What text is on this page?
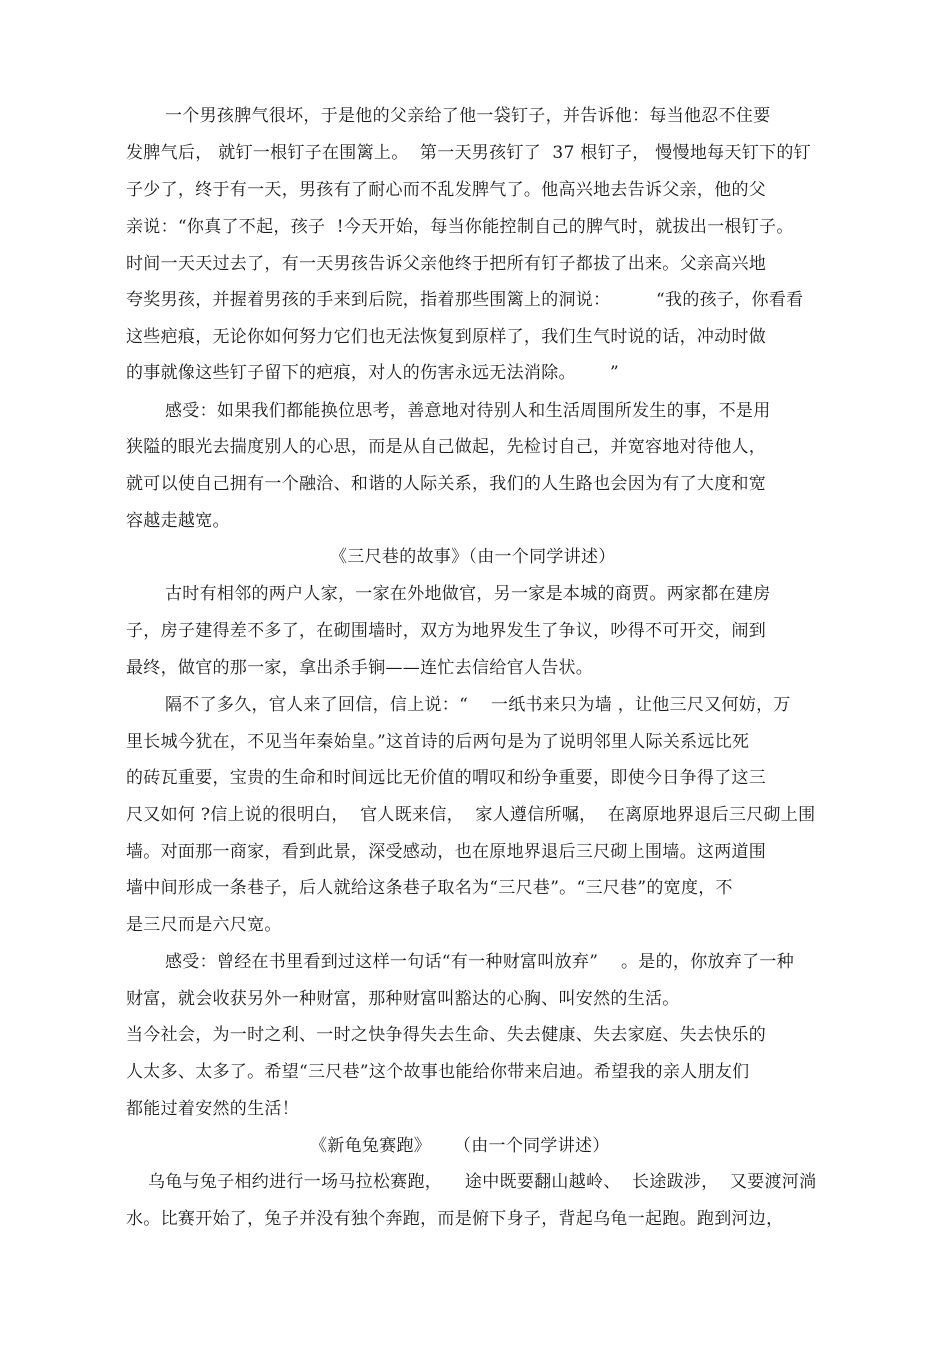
一个男孩脾气很坏，于是他的父亲给了他一袋钉子，并告诉他：每当他忍不住要
发脾气后， 就钉一根钉子在围篱上。  第一天男孩钉了  37 根钉子， 慢慢地每天钉下的钉
子少了，终于有一天，男孩有了耐心而不乱发脾气了。他高兴地去告诉父亲，他的父
亲说：“你真了不起，孩子  !今天开始，每当你能控制自己的脾气时，就拔出一根钉子。
时间一天天过去了，有一天男孩告诉父亲他终于把所有钉子都拔了出来。父亲高兴地
夸奖男孩，并握着男孩的手来到后院，指着那些围篱上的洞说：        “我的孩子，你看看
这些疤痕，无论你如何努力它们也无法恢复到原样了，我们生气时说的话，冲动时做
的事就像这些钉子留下的疤痕，对人的伤害永远无法消除。      ”
感受：如果我们都能换位思考，善意地对待别人和生活周围所发生的事，不是用
狭隘的眼光去揣度别人的心思，而是从自己做起，先检讨自己，并宽容地对待他人，
就可以使自己拥有一个融洽、和谐的人际关系，我们的人生路也会因为有了大度和宽
容越走越宽。
《三尺巷的故事》（由一个同学讲述）
古时有相邻的两户人家，一家在外地做官，另一家是本城的商贾。两家都在建房
子，房子建得差不多了，在砌围墙时，双方为地界发生了争议，吵得不可开交，闹到
最终，做官的那一家，拿出杀手锏——连忙去信给官人告状。
隔不了多久，官人来了回信，信上说：“    一纸书来只为墙 ，让他三尺又何妨，万
里长城今犹在，不见当年秦始皇。”这首诗的后两句是为了说明邻里人际关系远比死
的砖瓦重要，宝贵的生命和时间远比无价值的喟叹和纷争重要，即使今日争得了这三
尺又如何 ?信上说的很明白，  官人既来信，  家人遵信所嘱，  在离原地界退后三尺砌上围
墙。对面那一商家，看到此景，深受感动，也在原地界退后三尺砌上围墙。这两道围
墙中间形成一条巷子，后人就给这条巷子取名为“三尺巷”。“三尺巷”的宽度，不
是三尺而是六尺宽。
感受：曾经在书里看到过这样一句话“有一种财富叫放弃”    。是的，你放弃了一种
财富，就会收获另外一种财富，那种财富叫豁达的心胸、叫安然的生活。
当今社会，为一时之利、一时之快争得失去生命、失去健康、失去家庭、失去快乐的
人太多、太多了。希望“三尺巷”这个故事也能给你带来启迪。希望我的亲人朋友们
都能过着安然的生活！
《新龟兔赛跑》    （由一个同学讲述）
乌龟与兔子相约进行一场马拉松赛跑，    途中既要翻山越岭、  长途跋涉，  又要渡河淌
水。比赛开始了，兔子并没有独个奔跑，而是俯下身子，背起乌龟一起跑。跑到河边，
